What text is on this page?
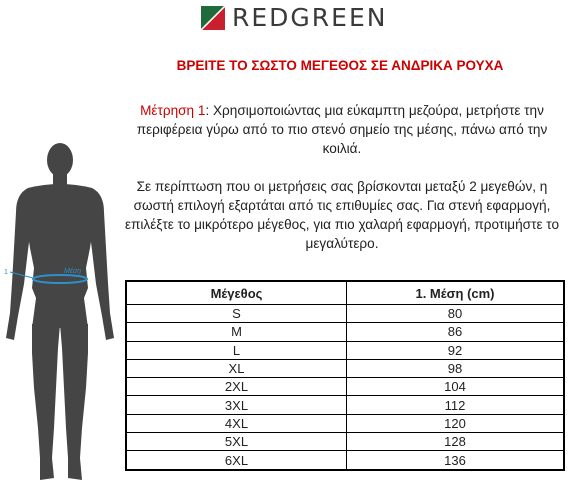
REDGREEN
ΒΡΕΙΤΕ ΤΟ ΣΩΣΤΟ ΜΕΓΕΘΟΣ ΣΕ ΑΝΔΡΙΚΑ ΡΟΥΧΑ
Μέτρηση 1: Χρησιμοποιώντας μια εύκαμπτη μεζούρα, μετρήστε την περιφέρεια γύρω από το πιο στενό σημείο της μέσης, πάνω από την κοιλιά.
Σε περίπτωση που οι μετρήσεις σας βρίσκονται μεταξύ 2 μεγεθών, η σωστή επιλογή εξαρτάται από τις επιθυμίες σας. Για στενή εφαρμογή, επιλέξτε το μικρότερο μέγεθος, για πιο χαλαρή εφαρμογή, προτιμήστε το μεγαλύτερο.
1	Μέση
Μέγεθος	1. Μέση (cm)
S	80
M	86
L	92
XL	98
2XL	104
3XL	112
4XL	120
5XL	128
6XL	136
